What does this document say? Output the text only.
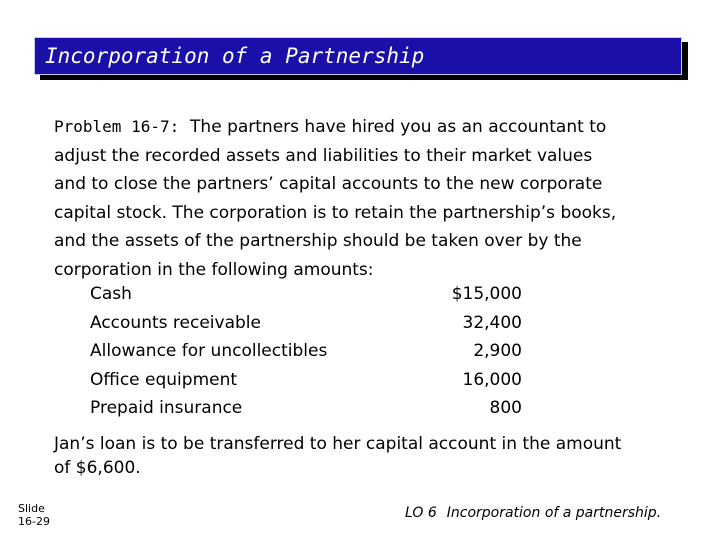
Incorporation of a Partnership

Problem 16-7: The partners have hired you as an accountant to

adjust the recorded assets and liabilities to their market values

and to close the partners’ capital accounts to the new corporate

capital stock. The corporation is to retain the partnership’s books,

and the assets of the partnership should be taken over by the

corporation in the following amounts:

Cash	$15,000
Accounts receivable	32,400
Allowance for uncollectibles	2,900
Office equipment	16,000
Prepaid insurance	800

Jan’s loan is to be transferred to her capital account in the amount

of $6,600.

Slide
16-29
LO 6 Incorporation of a partnership.
